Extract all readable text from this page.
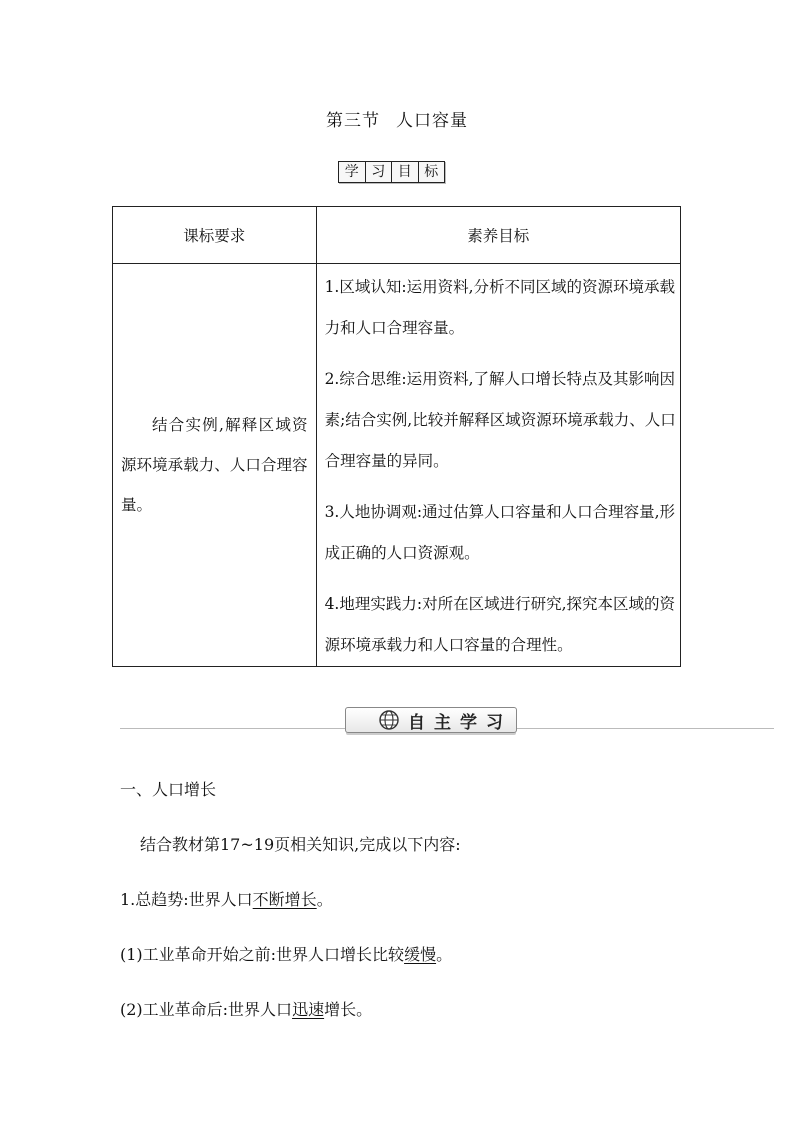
第三节 人口容量
学 习 目 标
课标要求	素养目标
结合实例,解释区域资源环境承载力、人口合理容量。	1.区域认知:运用资料,分析不同区域的资源环境承载力和人口合理容量。
2.综合思维:运用资料,了解人口增长特点及其影响因素;结合实例,比较并解释区域资源环境承载力、人口合理容量的异同。
3.人地协调观:通过估算人口容量和人口合理容量,形成正确的人口资源观。
4.地理实践力:对所在区域进行研究,探究本区域的资源环境承载力和人口容量的合理性。
自主学习
一、人口增长
结合教材第17~19页相关知识,完成以下内容:
1.总趋势:世界人口不断增长。
(1)工业革命开始之前:世界人口增长比较缓慢。
(2)工业革命后:世界人口迅速增长。
